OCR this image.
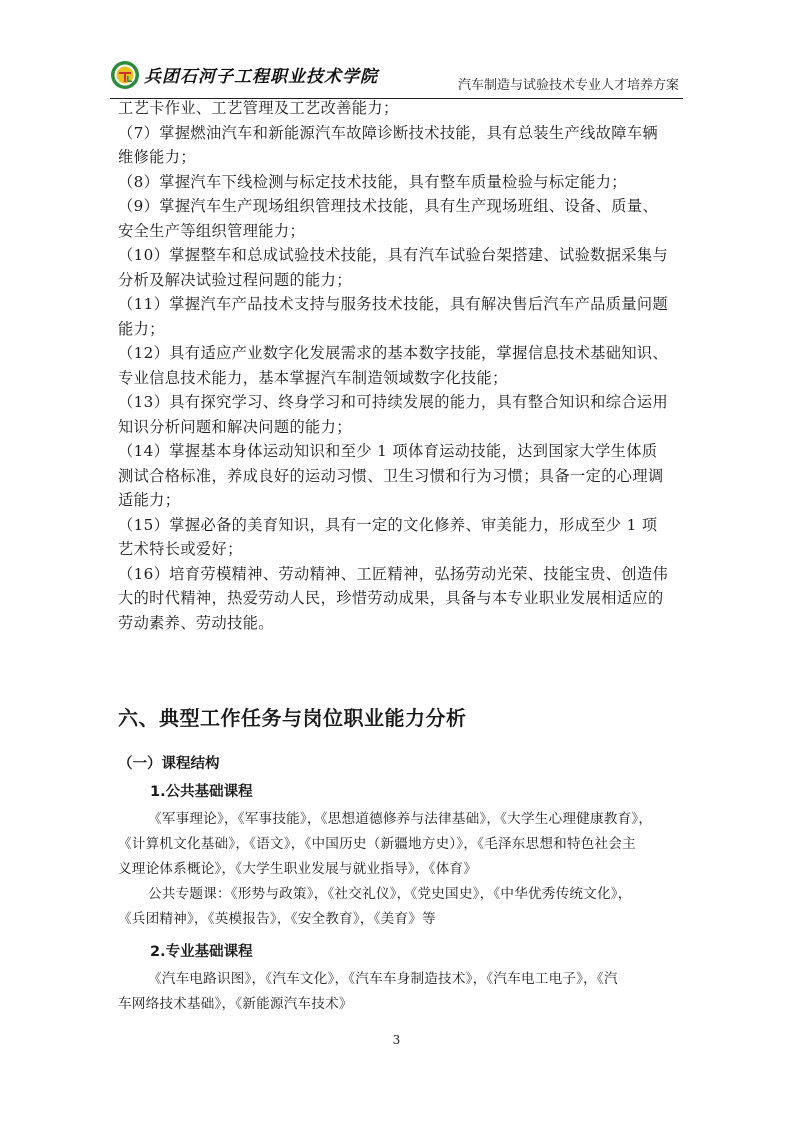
兵团石河子工程职业技术学院	汽车制造与试验技术专业人才培养方案

工艺卡作业、工艺管理及工艺改善能力；

（7）掌握燃油汽车和新能源汽车故障诊断技术技能，具有总装生产线故障车辆

维修能力；

（8）掌握汽车下线检测与标定技术技能，具有整车质量检验与标定能力；

（9）掌握汽车生产现场组织管理技术技能，具有生产现场班组、设备、质量、

安全生产等组织管理能力；

（10）掌握整车和总成试验技术技能，具有汽车试验台架搭建、试验数据采集与

分析及解决试验过程问题的能力；

（11）掌握汽车产品技术支持与服务技术技能，具有解决售后汽车产品质量问题

能力；

（12）具有适应产业数字化发展需求的基本数字技能，掌握信息技术基础知识、

专业信息技术能力，基本掌握汽车制造领域数字化技能；

（13）具有探究学习、终身学习和可持续发展的能力，具有整合知识和综合运用

知识分析问题和解决问题的能力；

（14）掌握基本身体运动知识和至少 1 项体育运动技能，达到国家大学生体质

测试合格标准，养成良好的运动习惯、卫生习惯和行为习惯；具备一定的心理调

适能力；

（15）掌握必备的美育知识，具有一定的文化修养、审美能力，形成至少 1 项

艺术特长或爱好；

（16）培育劳模精神、劳动精神、工匠精神，弘扬劳动光荣、技能宝贵、创造伟

大的时代精神，热爱劳动人民，珍惜劳动成果，具备与本专业职业发展相适应的

劳动素养、劳动技能。

六、典型工作任务与岗位职业能力分析

（一）课程结构

1.公共基础课程

《军事理论》，《军事技能》，《思想道德修养与法律基础》，《大学生心理健康教育》，

《计算机文化基础》，《语文》，《中国历史（新疆地方史）》，《毛泽东思想和特色社会主

义理论体系概论》，《大学生职业发展与就业指导》，《体育》

公共专题课：《形势与政策》，《社交礼仪》，《党史国史》，《中华优秀传统文化》，

《兵团精神》，《英模报告》，《安全教育》，《美育》等

2.专业基础课程

《汽车电路识图》，《汽车文化》，《汽车车身制造技术》，《汽车电工电子》，《汽

车网络技术基础》，《新能源汽车技术》

3
